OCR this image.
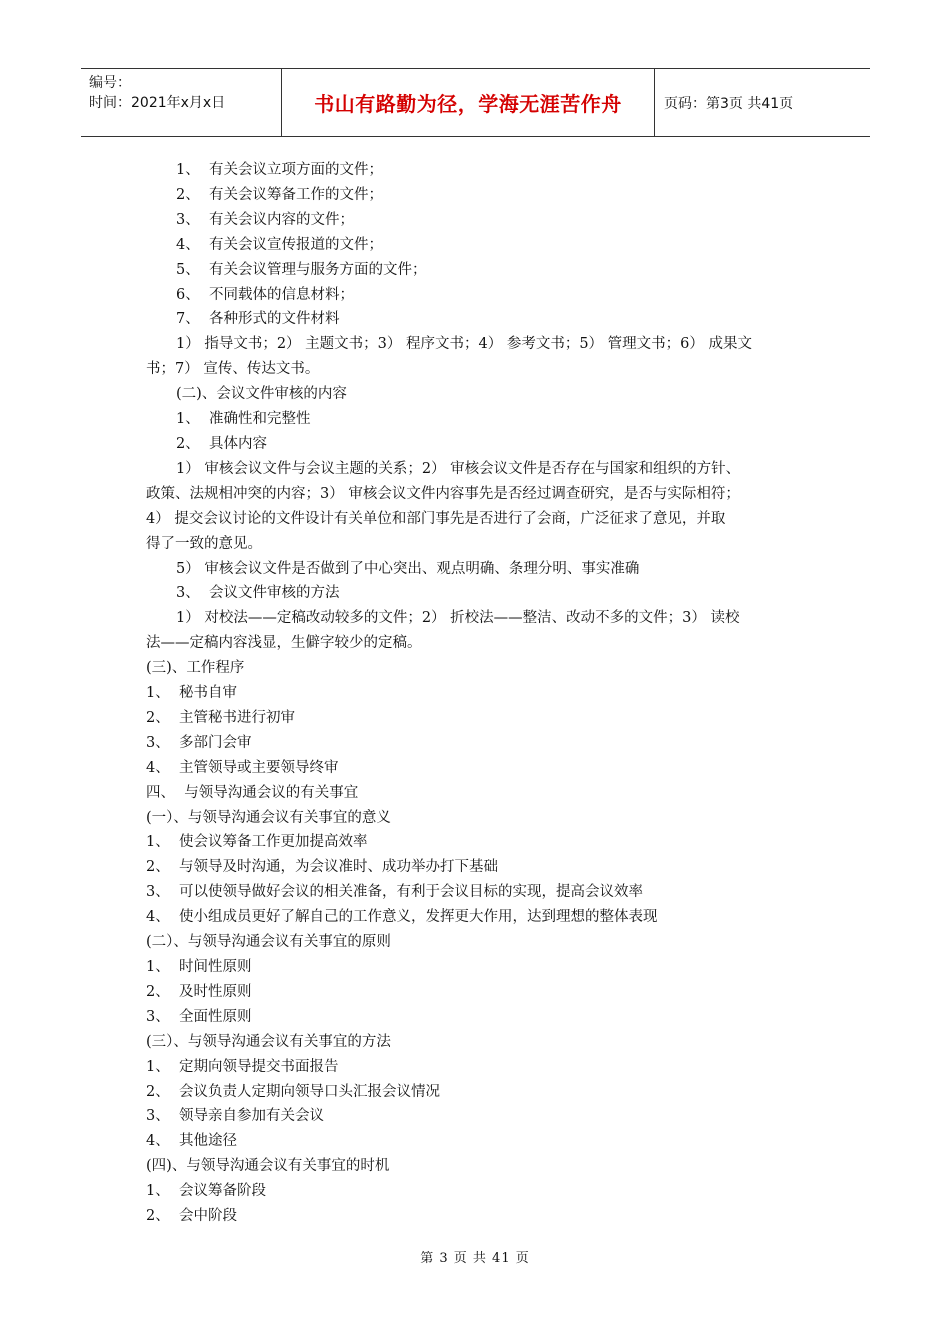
编号：
时间：2021年x月x日	书山有路勤为径，学海无涯苦作舟	页码：第3页 共41页
1、  有关会议立项方面的文件；
2、  有关会议筹备工作的文件；
3、  有关会议内容的文件；
4、  有关会议宣传报道的文件；
5、  有关会议管理与服务方面的文件；
6、  不同载体的信息材料；
7、  各种形式的文件材料
1） 指导文书；2） 主题文书；3） 程序文书；4） 参考文书；5） 管理文书；6） 成果文
书；7） 宣传、传达文书。
(二)、会议文件审核的内容
1、  准确性和完整性
2、  具体内容
1） 审核会议文件与会议主题的关系；2） 审核会议文件是否存在与国家和组织的方针、
政策、法规相冲突的内容；3） 审核会议文件内容事先是否经过调查研究，是否与实际相符；
4） 提交会议讨论的文件设计有关单位和部门事先是否进行了会商，广泛征求了意见，并取
得了一致的意见。
5） 审核会议文件是否做到了中心突出、观点明确、条理分明、事实准确
3、  会议文件审核的方法
1） 对校法——定稿改动较多的文件；2） 折校法——整洁、改动不多的文件；3） 读校
法——定稿内容浅显，生僻字较少的定稿。
(三)、工作程序
1、  秘书自审
2、  主管秘书进行初审
3、  多部门会审
4、  主管领导或主要领导终审
四、  与领导沟通会议的有关事宜
(一）、与领导沟通会议有关事宜的意义
1、  使会议筹备工作更加提高效率
2、  与领导及时沟通，为会议准时、成功举办打下基础
3、  可以使领导做好会议的相关准备，有利于会议目标的实现，提高会议效率
4、  使小组成员更好了解自己的工作意义，发挥更大作用，达到理想的整体表现
(二）、与领导沟通会议有关事宜的原则
1、  时间性原则
2、  及时性原则
3、  全面性原则
(三）、与领导沟通会议有关事宜的方法
1、  定期向领导提交书面报告
2、  会议负责人定期向领导口头汇报会议情况
3、  领导亲自参加有关会议
4、  其他途径
(四)、与领导沟通会议有关事宜的时机
1、  会议筹备阶段
2、  会中阶段
第 3 页 共 41 页
